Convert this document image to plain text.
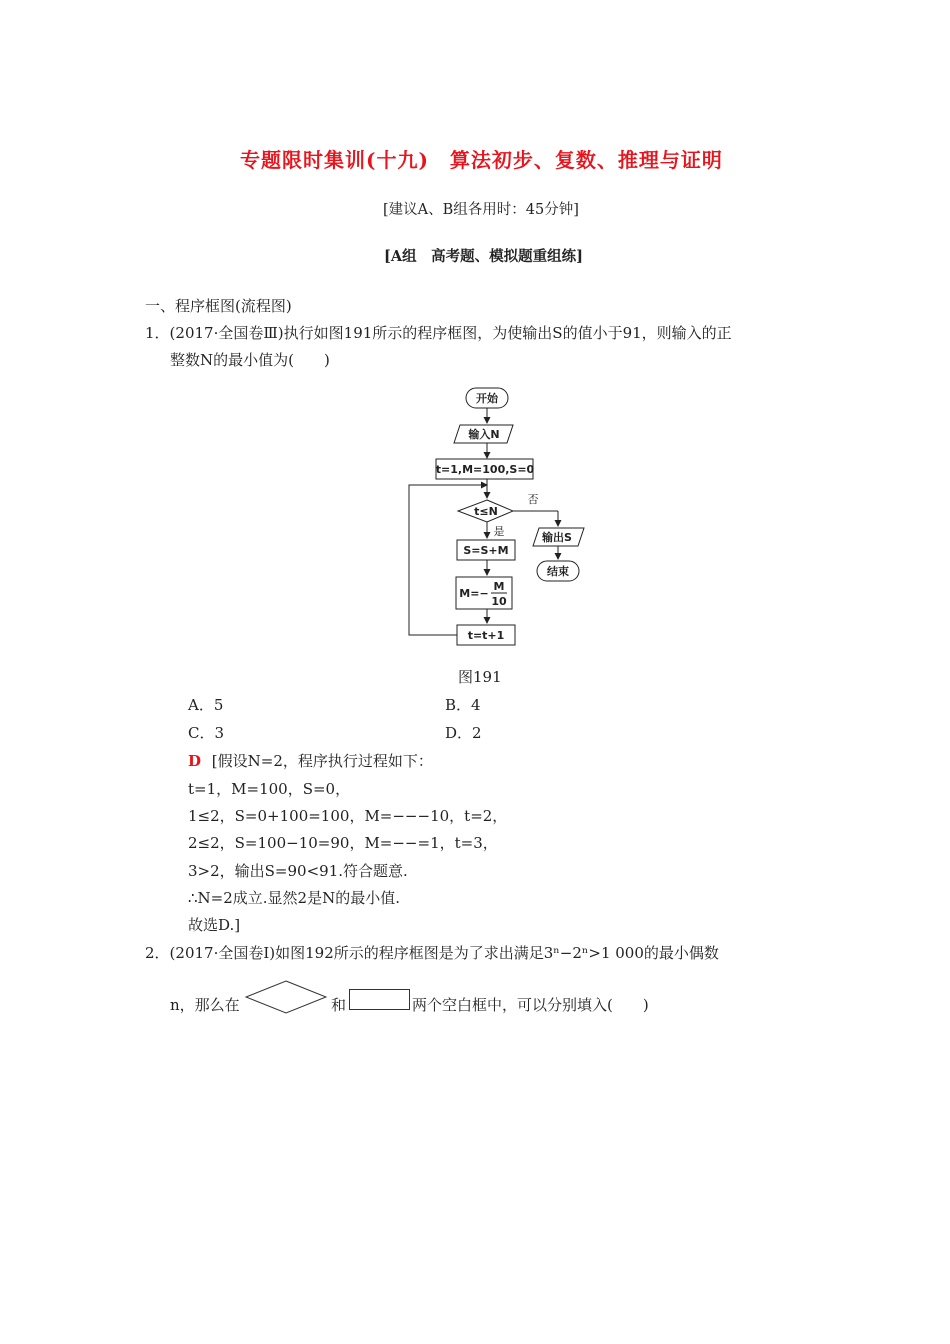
专题限时集训(十九)　算法初步、复数、推理与证明
[建议A、B组各用时：45分钟]
[A组　高考题、模拟题重组练]
一、程序框图(流程图)
1．(2017·全国卷Ⅲ)执行如图191所示的程序框图，为使输出S的值小于91，则输入的正
整数N的最小值为(　　)
开始
输入N
t=1,M=100,S=0
t≤N
否
是	输出S
结束
S=S+M
M=−
M
10
t=t+1
图191
A．5	B．4
C．3	D．2
D [假设N=2，程序执行过程如下：
t=1，M=100，S=0，
1≤2，S=0+100=100，M=−−−10，t=2，
2≤2，S=100−10=90，M=−−=1，t=3，
3>2，输出S=90<91.符合题意.
∴N=2成立.显然2是N的最小值.
故选D.]
2．(2017·全国卷Ⅰ)如图192所示的程序框图是为了求出满足3ⁿ−2ⁿ>1 000的最小偶数
n，那么在	和	两个空白框中，可以分别填入(　　)
